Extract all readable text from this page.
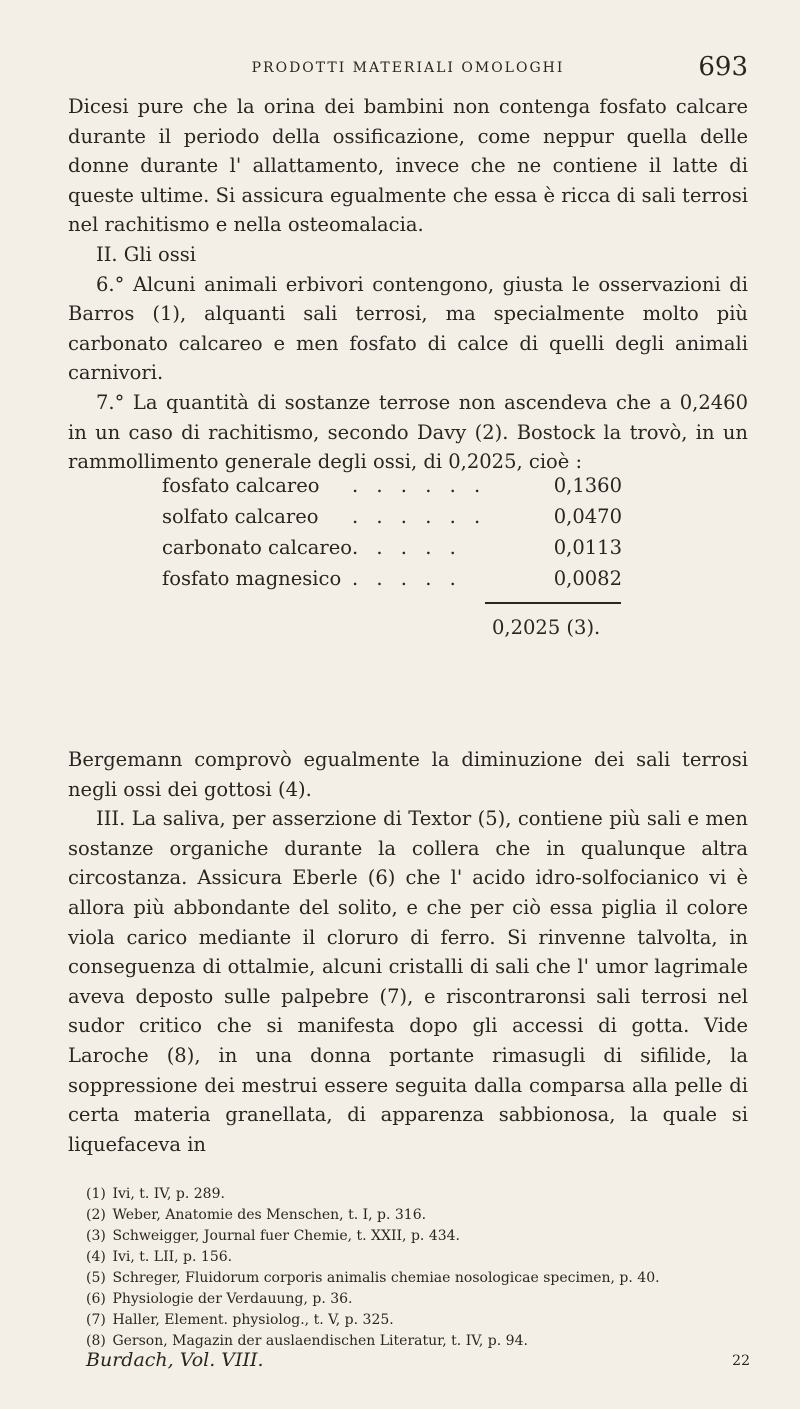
PRODOTTI MATERIALI OMOLOGHI	693

Dicesi pure che la orina dei bambini non contenga fosfato calcare durante il periodo della ossificazione, come neppur quella delle donne durante l' allattamento, invece che ne contiene il latte di queste ultime. Si assicura egualmente che essa è ricca di sali terrosi nel rachitismo e nella osteomalacia.

II. Gli ossi

6.° Alcuni animali erbivori contengono, giusta le osservazioni di Barros (1), alquanti sali terrosi, ma specialmente molto più carbonato calcareo e men fosfato di calce di quelli degli animali carnivori.

7.° La quantità di sostanze terrose non ascendeva che a 0,2460 in un caso di rachitismo, secondo Davy (2). Bostock la trovò, in un rammollimento generale degli ossi, di 0,2025, cioè :

fosfato calcareo	. . . . . .	0,1360
solfato calcareo	. . . . . .	0,0470
carbonato calcareo . . . . .	0,0113
fosfato magnesico . . . . .	0,0082
0,2025 (3).

Bergemann comprovò egualmente la diminuzione dei sali terrosi negli ossi dei gottosi (4).

III. La saliva, per asserzione di Textor (5), contiene più sali e men sostanze organiche durante la collera che in qualunque altra circostanza. Assicura Eberle (6) che l' acido idro-solfocianico vi è allora più abbondante del solito, e che per ciò essa piglia il colore viola carico mediante il cloruro di ferro. Si rinvenne talvolta, in conseguenza di ottalmie, alcuni cristalli di sali che l' umor lagrimale aveva deposto sulle palpebre (7), e riscontraronsi sali terrosi nel sudor critico che si manifesta dopo gli accessi di gotta. Vide Laroche (8), in una donna portante rimasugli di sifilide, la soppressione dei mestrui essere seguita dalla comparsa alla pelle di certa materia granellata, di apparenza sabbionosa, la quale si liquefaceva in

(1) Ivi, t. IV, p. 289.
(2) Weber, Anatomie des Menschen, t. I, p. 316.
(3) Schweigger, Journal fuer Chemie, t. XXII, p. 434.
(4) Ivi, t. LII, p. 156.
(5) Schreger, Fluidorum corporis animalis chemiae nosologicae specimen, p. 40.
(6) Physiologie der Verdauung, p. 36.
(7) Haller, Element. physiolog., t. V, p. 325.
(8) Gerson, Magazin der auslaendischen Literatur, t. IV, p. 94.
Burdach, Vol. VIII.	22
